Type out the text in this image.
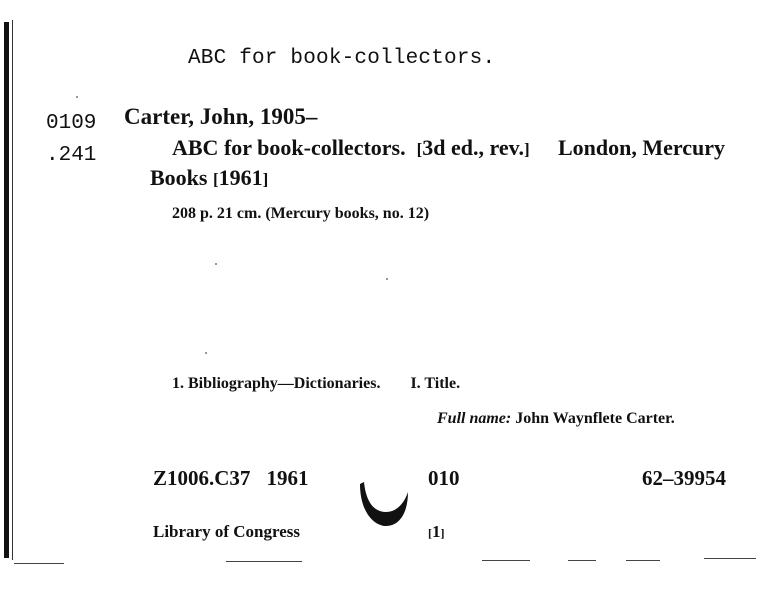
ABC for book-collectors.
0109
.241
Carter, John, 1905–
ABC for book-collectors. [3d ed., rev.] London, Mercury
Books [1961]
208 p. 21 cm. (Mercury books, no. 12)
1. Bibliography—Dictionaries. I. Title.
Full name: John Waynflete Carter.
Z1006.C37 1961	010	62–39954
Library of Congress	[1]
